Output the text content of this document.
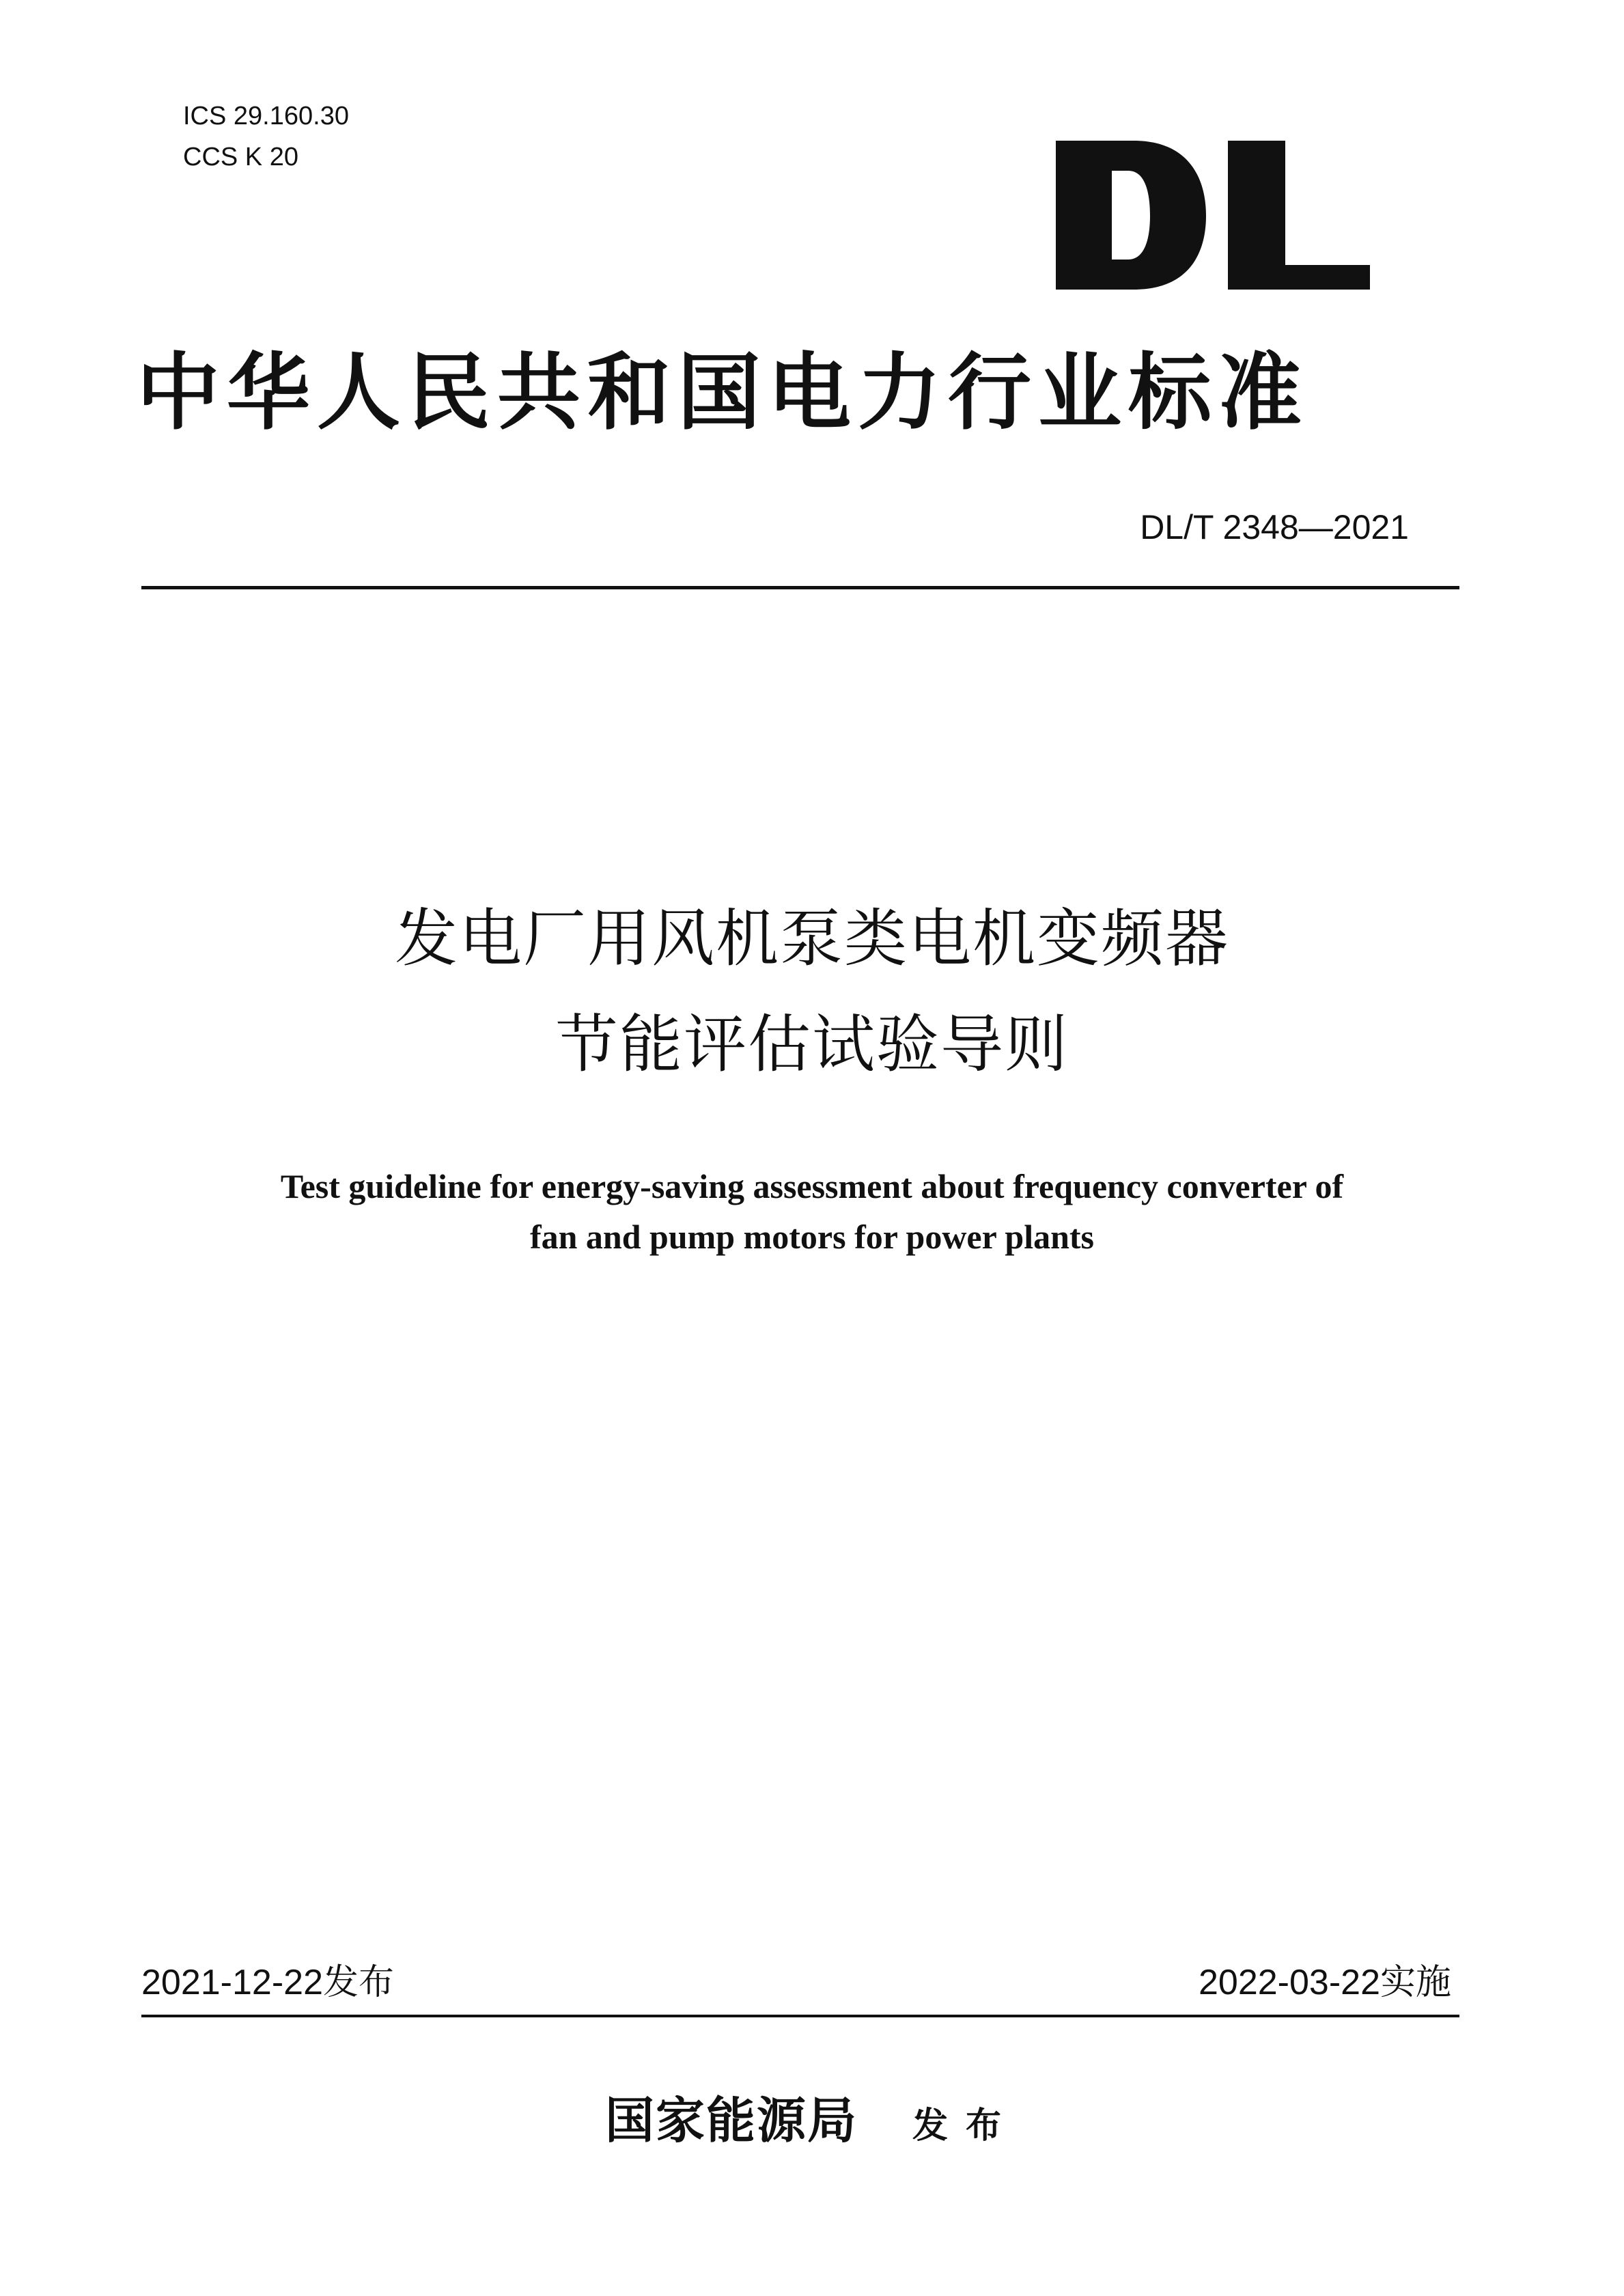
ICS 29.160.30
CCS K 20
中华人民共和国电力行业标准
DL/T 2348—2021
发电厂用风机泵类电机变频器
节能评估试验导则
Test guideline for energy-saving assessment about frequency converter of
fan and pump motors for power plants
2021-12-22发布	2022-03-22实施
国家能源局 发布
